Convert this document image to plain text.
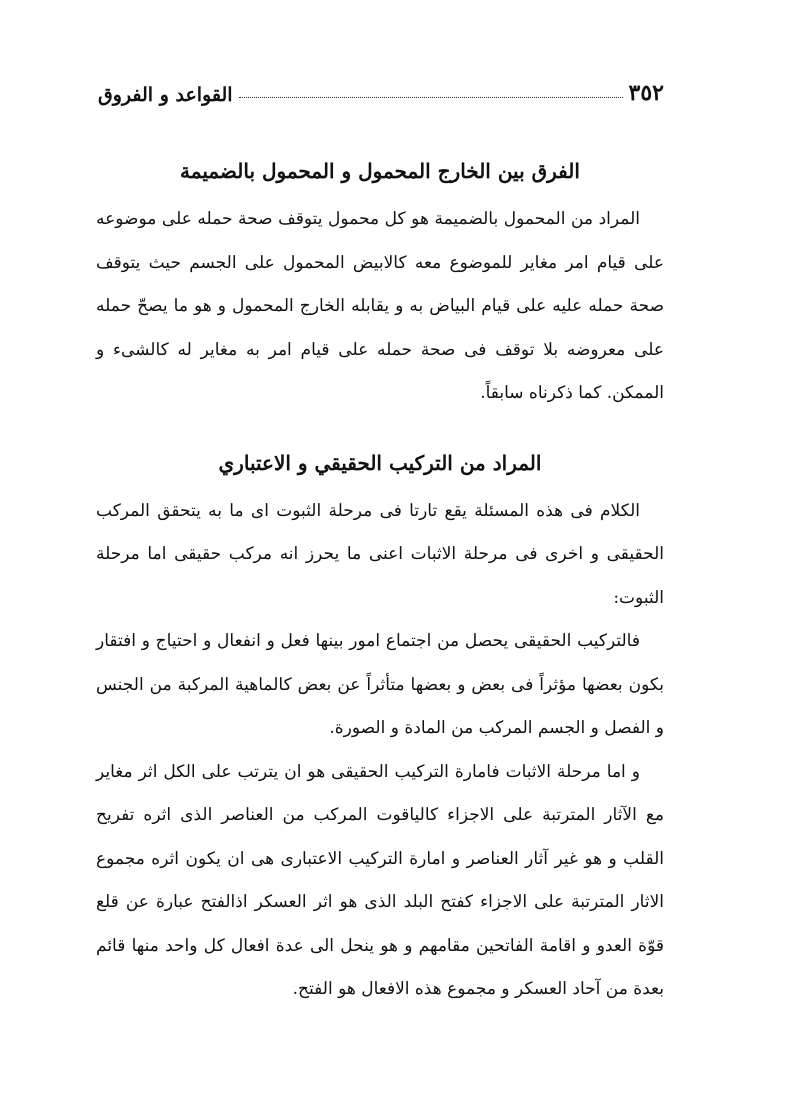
٣٥٢
القواعد و الفروق
الفرق بين الخارج المحمول و المحمول بالضميمة

المراد من المحمول بالضميمة هو كل محمول يتوقف صحة حمله على موضوعه على قيام امر مغاير للموضوع معه كالابيض المحمول على الجسم حيث يتوقف صحة حمله عليه على قيام البياض به و يقابله الخارج المحمول و هو ما يصحّ حمله على معروضه بلا توقف فى صحة حمله على قيام امر به مغاير له كالشىء و الممكن. كما ذكرناه سابقاً.

المراد من التركيب الحقيقي و الاعتباري

الكلام فى هذه المسئلة يقع تارتا فى مرحلة الثبوت اى ما به يتحقق المركب الحقيقى و اخرى فى مرحلة الاثبات اعنى ما يحرز انه مركب حقيقى اما مرحلة الثبوت:

فالتركيب الحقيقى يحصل من اجتماع امور بينها فعل و انفعال و احتياج و افتقار بكون بعضها مؤثراً فى بعض و بعضها متأثراً عن بعض كالماهية المركبة من الجنس و الفصل و الجسم المركب من المادة و الصورة.

و اما مرحلة الاثبات فامارة التركيب الحقيقى هو ان يترتب على الكل اثر مغاير مع الآثار المترتبة على الاجزاء كالياقوت المركب من العناصر الذى اثره تفريح القلب و هو غير آثار العناصر و امارة التركيب الاعتبارى هى ان يكون اثره مجموع الاثار المترتبة على الاجزاء كفتح البلد الذى هو اثر العسكر اذالفتح عبارة عن قلع قوّة العدو و اقامة الفاتحين مقامهم و هو ينحل الى عدة افعال كل واحد منها قائم بعدة من آحاد العسكر و مجموع هذه الافعال هو الفتح.
